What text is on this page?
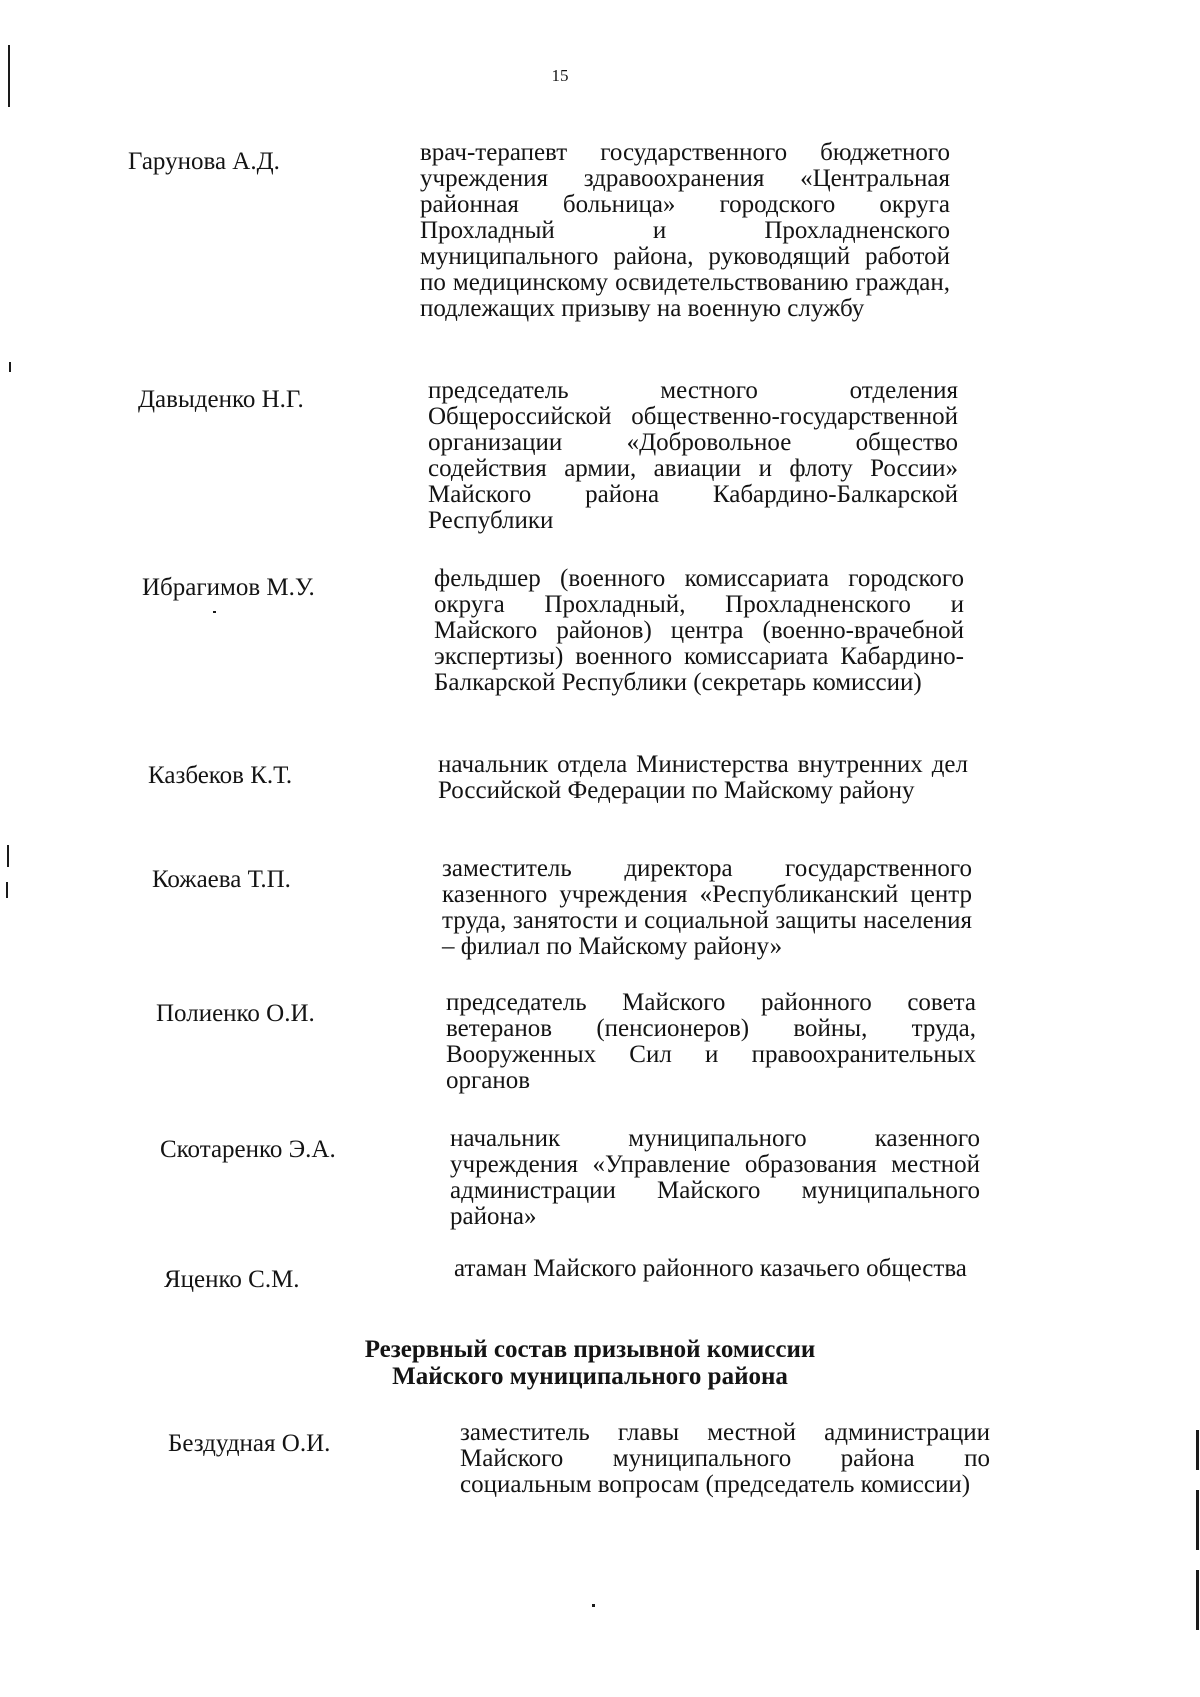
15
Гарунова А.Д.	врач-терапевт государственного бюджетного учреждения здравоохранения «Центральная районная больница» городского округа Прохладный и Прохладненского муниципального района, руководящий работой по медицинскому освидетельствованию граждан, подлежащих призыву на военную службу
Давыденко Н.Г.	председатель местного отделения Общероссийской общественно-государственной организации «Добровольное общество содействия армии, авиации и флоту России» Майского района Кабардино-Балкарской Республики
Ибрагимов М.У.	фельдшер (военного комиссариата городского округа Прохладный, Прохладненского и Майского районов) центра (военно-врачебной экспертизы) военного комиссариата Кабардино-Балкарской Республики (секретарь комиссии)
Казбеков К.Т.	начальник отдела Министерства внутренних дел Российской Федерации по Майскому району
Кожаева Т.П.	заместитель директора государственного казенного учреждения «Республиканский центр труда, занятости и социальной защиты населения – филиал по Майскому району»
Полиенко О.И.	председатель Майского районного совета ветеранов (пенсионеров) войны, труда, Вооруженных Сил и правоохранительных органов
Скотаренко Э.А.	начальник муниципального казенного учреждения «Управление образования местной администрации Майского муниципального района»
Яценко С.М.	атаман Майского районного казачьего общества
Резервный состав призывной комиссии
Майского муниципального района
Бездудная О.И.	заместитель главы местной администрации Майского муниципального района по социальным вопросам (председатель комиссии)
